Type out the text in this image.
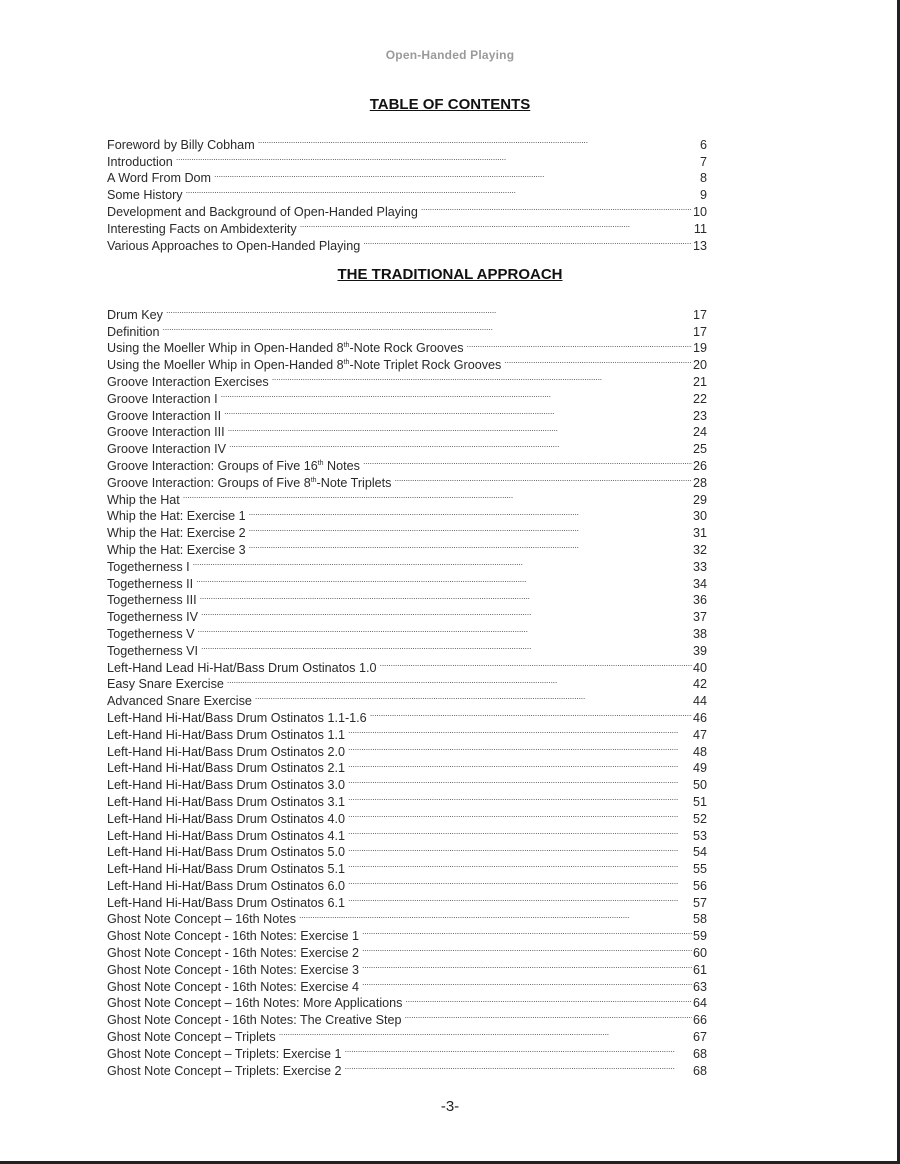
Open-Handed Playing
TABLE OF CONTENTS
Foreword by Billy Cobham . . .	6
Introduction . . .	7
A Word From Dom . . .	8
Some History . . .	9
Development and Background of Open-Handed Playing . . .	10
Interesting Facts on Ambidexterity . . .	11
Various Approaches to Open-Handed Playing . . .	13
THE TRADITIONAL APPROACH
Drum Key . . .	17
Definition . . .	17
Using the Moeller Whip in Open-Handed 8th-Note Rock Grooves . . .	19
Using the Moeller Whip in Open-Handed 8th-Note Triplet Rock Grooves . . .	20
Groove Interaction Exercises . . .	21
Groove Interaction I . . .	22
Groove Interaction II . . .	23
Groove Interaction III . . .	24
Groove Interaction IV . . .	25
Groove Interaction: Groups of Five 16th Notes . . .	26
Groove Interaction: Groups of Five 8th-Note Triplets . . .	28
Whip the Hat . . .	29
Whip the Hat: Exercise 1 . . .	30
Whip the Hat: Exercise 2 . . .	31
Whip the Hat: Exercise 3 . . .	32
Togetherness I . . .	33
Togetherness II . . .	34
Togetherness III . . .	36
Togetherness IV . . .	37
Togetherness V . . .	38
Togetherness VI . . .	39
Left-Hand Lead Hi-Hat/Bass Drum Ostinatos 1.0 . . .	40
Easy Snare Exercise . . .	42
Advanced Snare Exercise . . .	44
Left-Hand Hi-Hat/Bass Drum Ostinatos 1.1-1.6 . . .	46
Left-Hand Hi-Hat/Bass Drum Ostinatos 1.1 . . .	47
Left-Hand Hi-Hat/Bass Drum Ostinatos 2.0 . . .	48
Left-Hand Hi-Hat/Bass Drum Ostinatos 2.1 . . .	49
Left-Hand Hi-Hat/Bass Drum Ostinatos 3.0 . . .	50
Left-Hand Hi-Hat/Bass Drum Ostinatos 3.1 . . .	51
Left-Hand Hi-Hat/Bass Drum Ostinatos 4.0 . . .	52
Left-Hand Hi-Hat/Bass Drum Ostinatos 4.1 . . .	53
Left-Hand Hi-Hat/Bass Drum Ostinatos 5.0 . . .	54
Left-Hand Hi-Hat/Bass Drum Ostinatos 5.1 . . .	55
Left-Hand Hi-Hat/Bass Drum Ostinatos 6.0 . . .	56
Left-Hand Hi-Hat/Bass Drum Ostinatos 6.1 . . .	57
Ghost Note Concept – 16th Notes . . .	58
Ghost Note Concept - 16th Notes: Exercise 1 . . .	59
Ghost Note Concept - 16th Notes: Exercise 2 . . .	60
Ghost Note Concept - 16th Notes: Exercise 3 . . .	61
Ghost Note Concept - 16th Notes: Exercise 4 . . .	63
Ghost Note Concept – 16th Notes: More Applications . . .	64
Ghost Note Concept - 16th Notes: The Creative Step . . .	66
Ghost Note Concept – Triplets . . .	67
Ghost Note Concept – Triplets: Exercise 1 . . .	68
Ghost Note Concept – Triplets: Exercise 2 . . .	68
-3-
